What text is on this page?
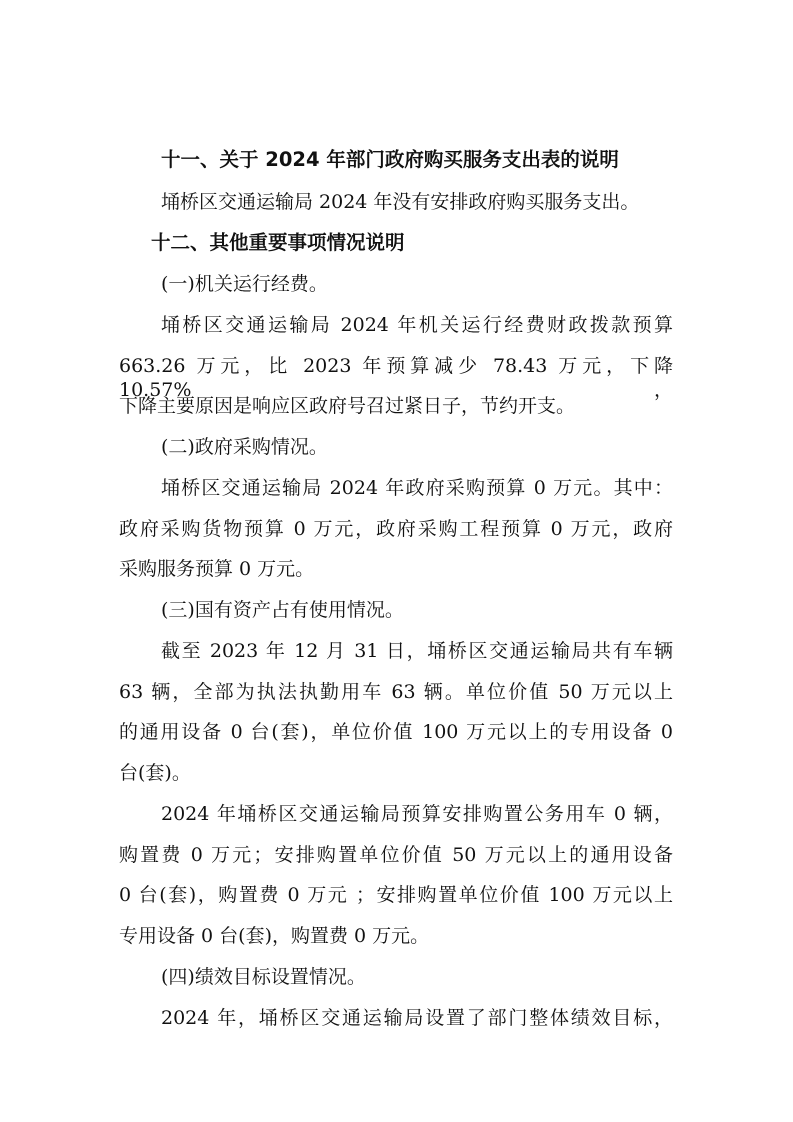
十一、关于 2024 年部门政府购买服务支出表的说明
埇桥区交通运输局 2024 年没有安排政府购买服务支出。
十二、其他重要事项情况说明
(一)机关运行经费。
埇桥区交通运输局 2024 年机关运行经费财政拨款预算
663.26 万元，比 2023 年预算减少 78.43 万元，下降 10.57%，
下降主要原因是响应区政府号召过紧日子，节约开支。
(二)政府采购情况。
埇桥区交通运输局 2024 年政府采购预算 0 万元。其中：
政府采购货物预算 0 万元，政府采购工程预算 0 万元，政府
采购服务预算 0 万元。
(三)国有资产占有使用情况。
截至 2023 年 12 月 31 日，埇桥区交通运输局共有车辆
63 辆，全部为执法执勤用车 63 辆。单位价值 50 万元以上
的通用设备 0 台(套)，单位价值 100 万元以上的专用设备 0
台(套)。
2024 年埇桥区交通运输局预算安排购置公务用车 0 辆，
购置费 0 万元；安排购置单位价值 50 万元以上的通用设备
0 台(套)，购置费 0 万元 ；安排购置单位价值 100 万元以上
专用设备 0 台(套)，购置费 0 万元。
(四)绩效目标设置情况。
2024 年，埇桥区交通运输局设置了部门整体绩效目标，
